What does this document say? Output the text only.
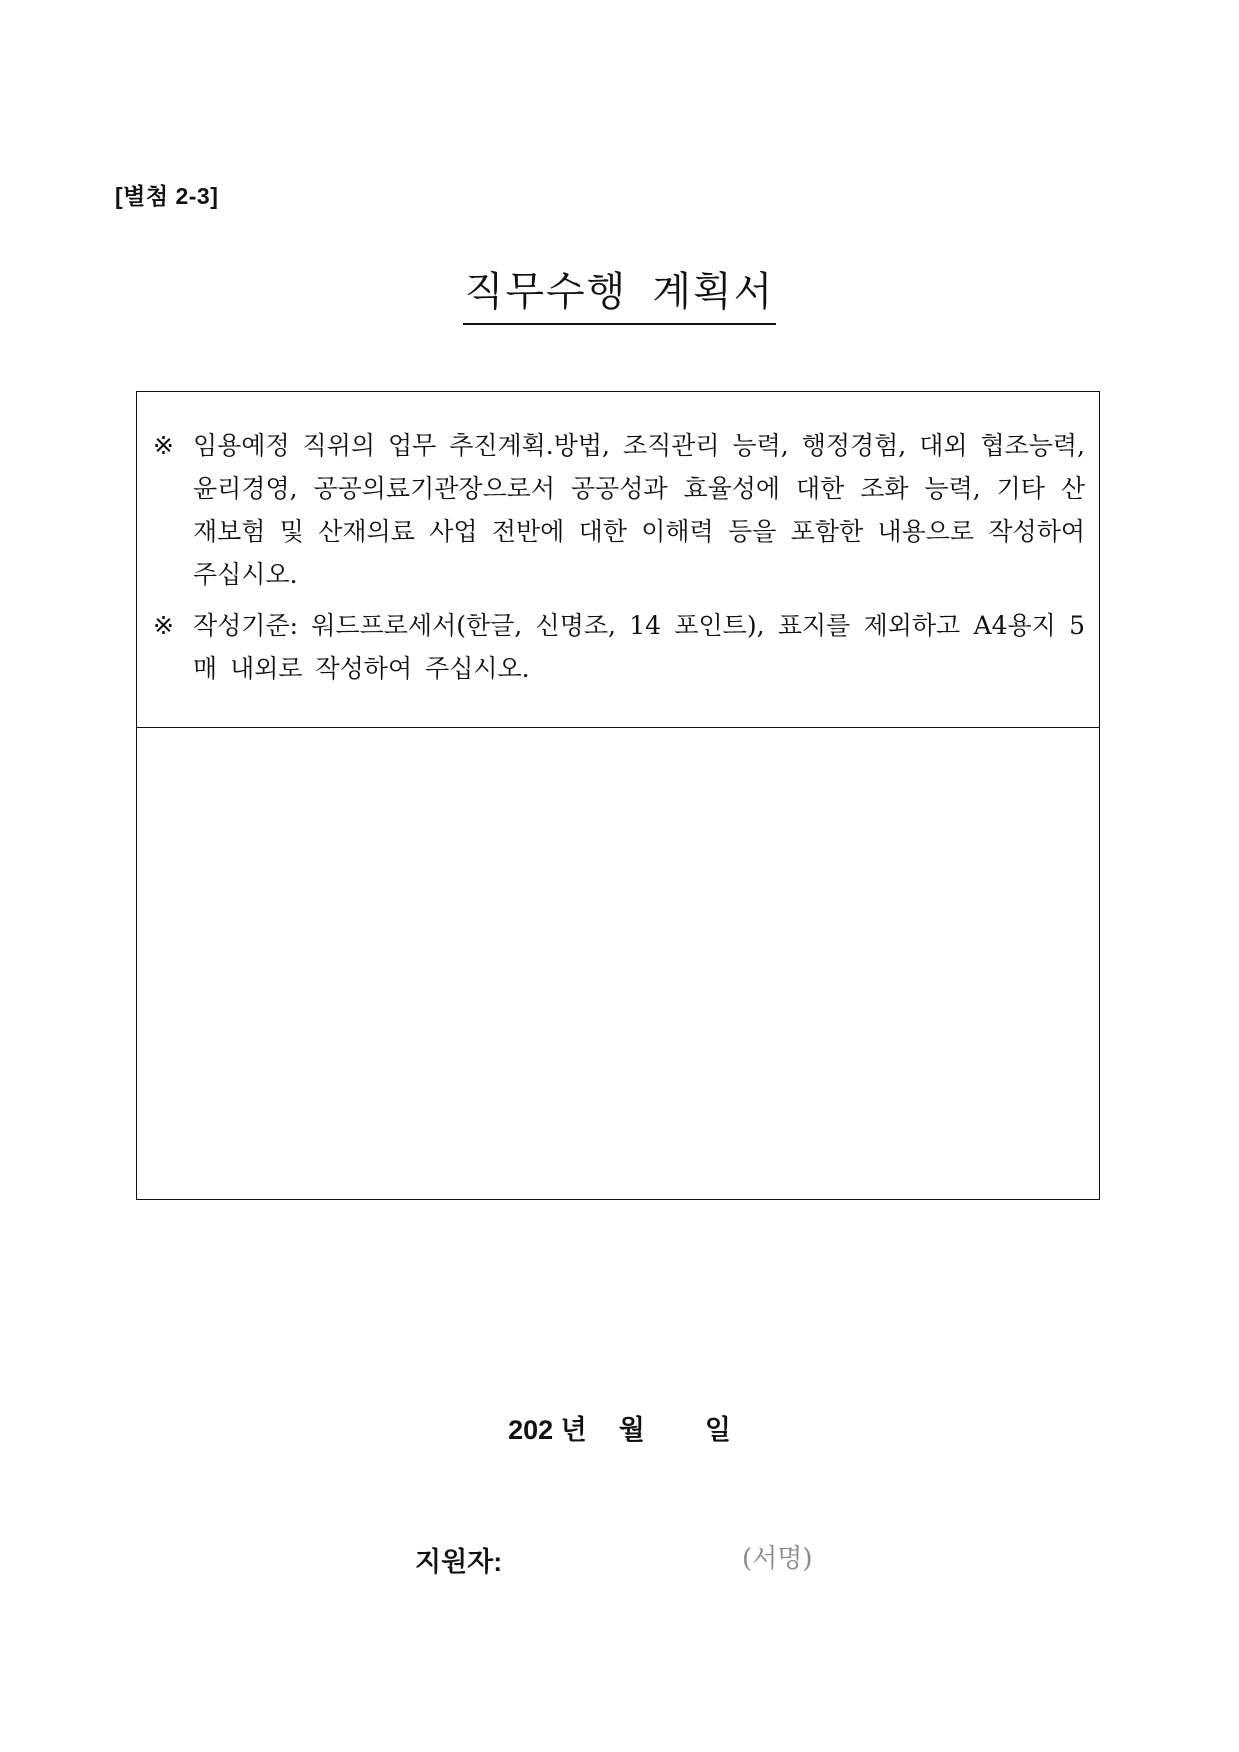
[별첨 2-3]
직무수행 계획서
※ 임용예정 직위의 업무 추진계획.방법, 조직관리 능력, 행정경험, 대외 협조능력, 윤리경영, 공공의료기관장으로서 공공성과 효율성에 대한 조화 능력, 기타 산재보험 및 산재의료 사업 전반에 대한 이해력 등을 포함한 내용으로 작성하여 주십시오.
※ 작성기준: 워드프로세서(한글, 신명조, 14 포인트), 표지를 제외하고 A4용지 5매 내외로 작성하여 주십시오.
202 년 월 일
지원자:	(서명)
